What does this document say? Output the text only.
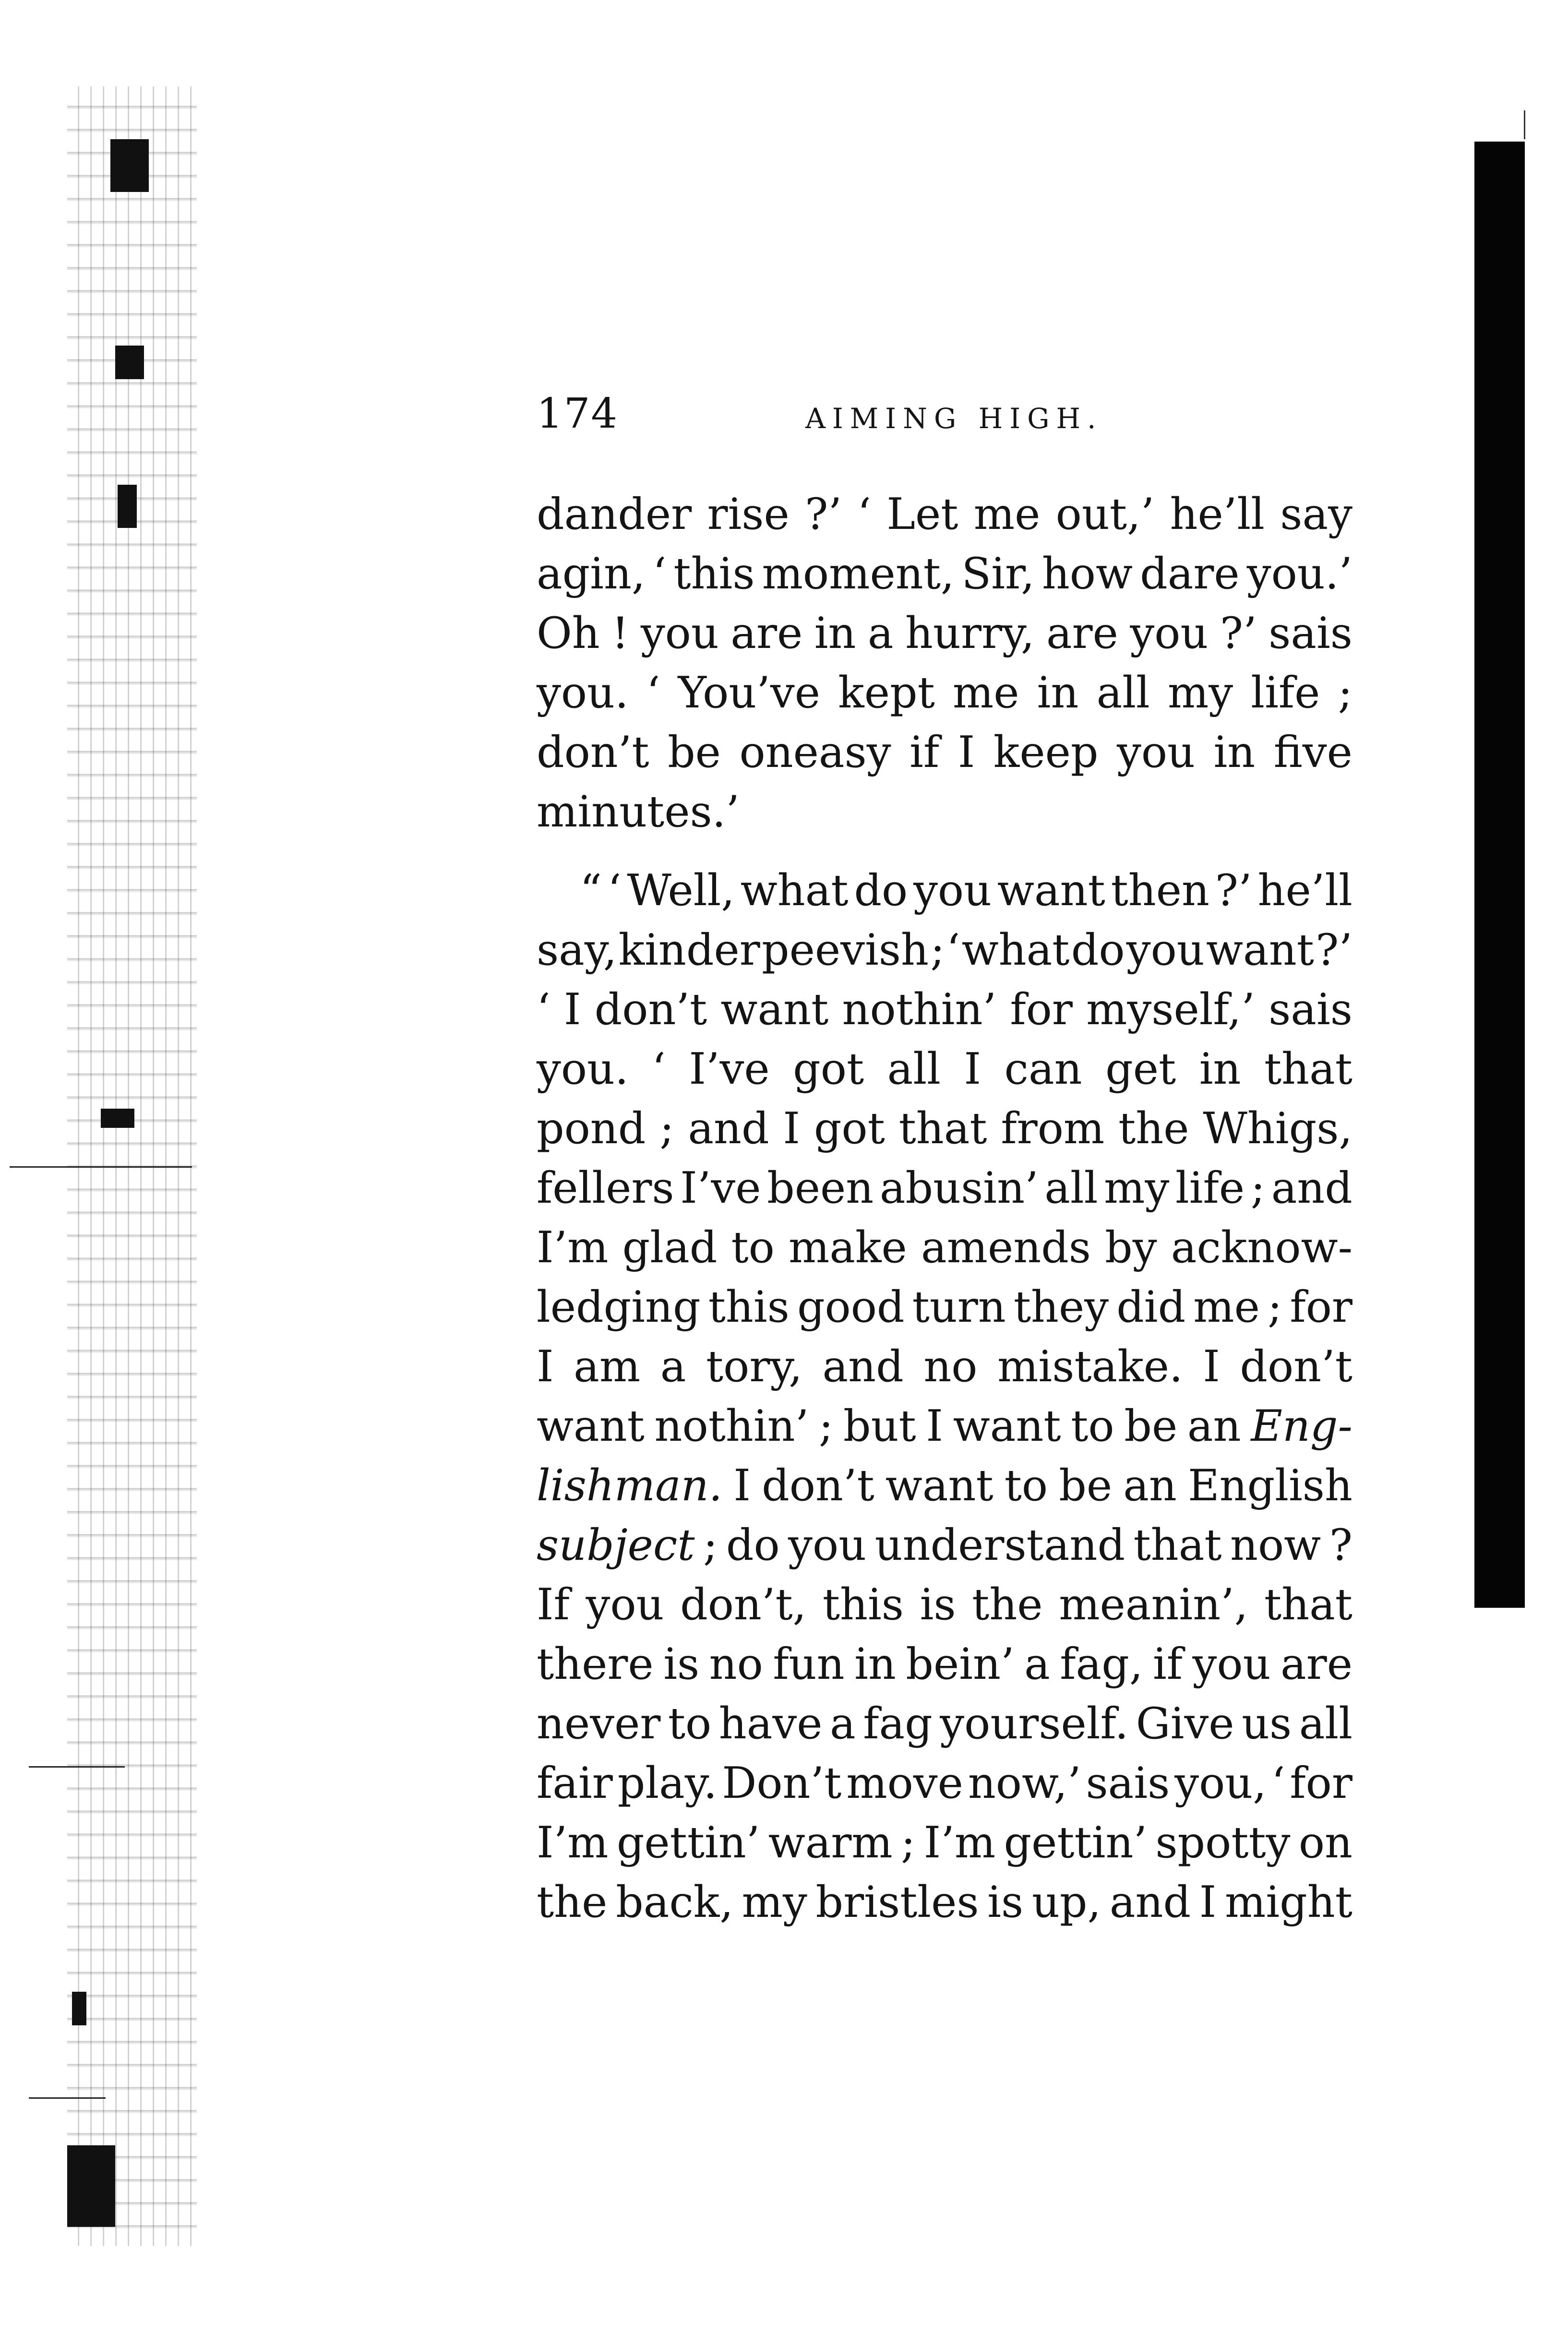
174	AIMING HIGH.
dander rise ?’ ‘ Let me out,’ he’ll say
agin, ‘ this moment, Sir, how dare you.’
Oh ! you are in a hurry, are you ?’ sais
you. ‘ You’ve kept me in all my life ;
don’t be oneasy if I keep you in five
minutes.’
“ ‘ Well, what do you want then ?’ he’ll
say, kinder peevish ; ‘ what do you want ?’
‘ I don’t want nothin’ for myself,’ sais
you. ‘ I’ve got all I can get in that
pond ; and I got that from the Whigs,
fellers I’ve been abusin’ all my life ; and
I’m glad to make amends by acknow-
ledging this good turn they did me ; for
I am a tory, and no mistake. I don’t
want nothin’ ; but I want to be an Eng-
lishman. I don’t want to be an English
subject ; do you understand that now ?
If you don’t, this is the meanin’, that
there is no fun in bein’ a fag, if you are
never to have a fag yourself. Give us all
fair play. Don’t move now,’ sais you, ‘ for
I’m gettin’ warm ; I’m gettin’ spotty on
the back, my bristles is up, and I might
